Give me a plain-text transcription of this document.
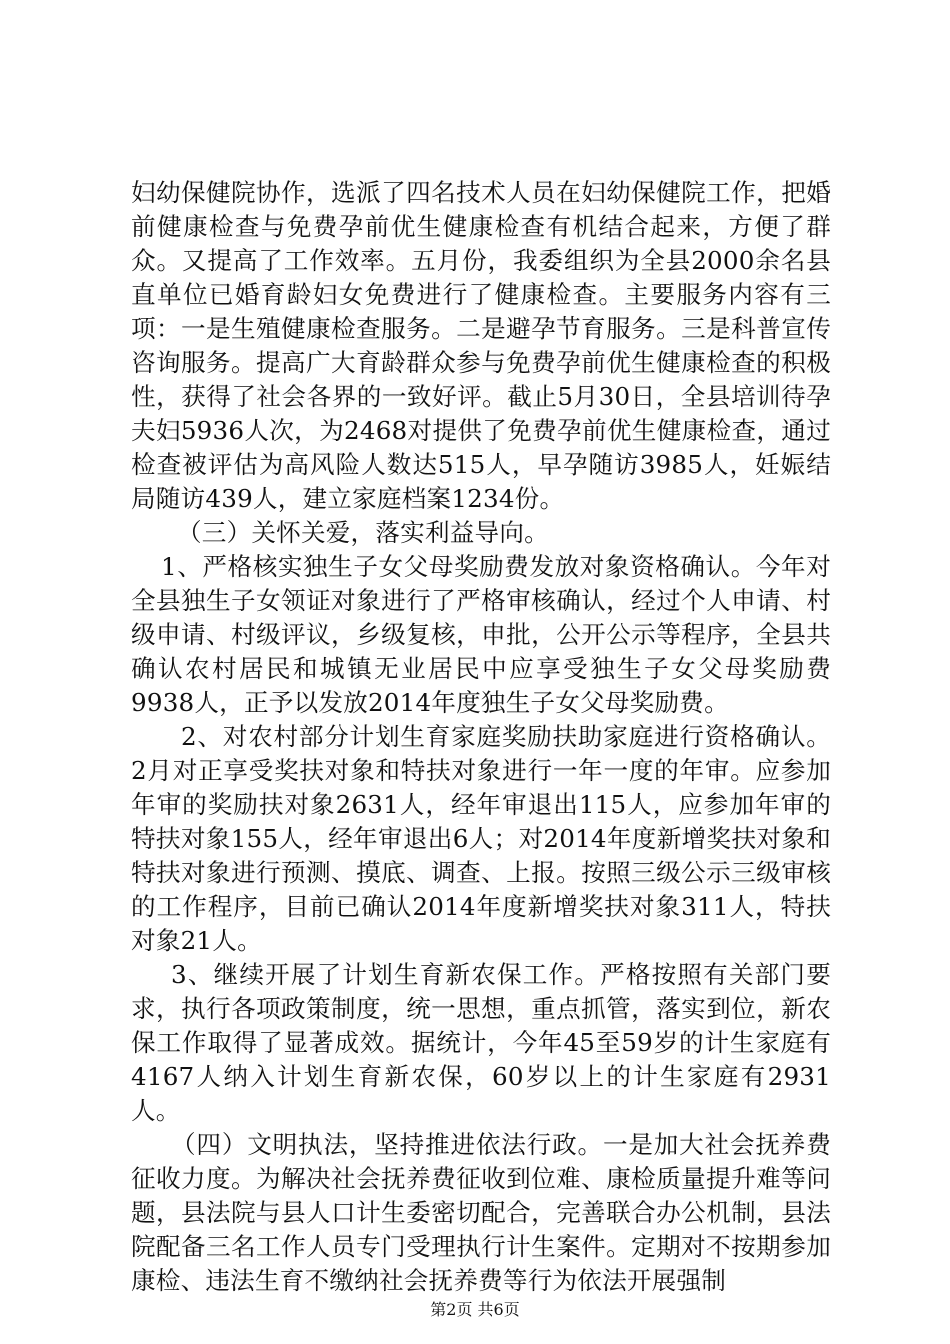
妇幼保健院协作，选派了四名技术人员在妇幼保健院工作，把婚前健康检查与免费孕前优生健康检查有机结合起来，方便了群众。又提高了工作效率。五月份，我委组织为全县2000余名县直单位已婚育龄妇女免费进行了健康检查。主要服务内容有三项：一是生殖健康检查服务。二是避孕节育服务。三是科普宣传咨询服务。提高广大育龄群众参与免费孕前优生健康检查的积极性，获得了社会各界的一致好评。截止5月30日，全县培训待孕夫妇5936人次，为2468对提供了免费孕前优生健康检查，通过检查被评估为高风险人数达515人，早孕随访3985人，妊娠结局随访439人，建立家庭档案1234份。

（三）关怀关爱，落实利益导向。

1、严格核实独生子女父母奖励费发放对象资格确认。今年对全县独生子女领证对象进行了严格审核确认，经过个人申请、村级申请、村级评议，乡级复核，申批，公开公示等程序，全县共确认农村居民和城镇无业居民中应享受独生子女父母奖励费9938人，正予以发放2014年度独生子女父母奖励费。

2、对农村部分计划生育家庭奖励扶助家庭进行资格确认。2月对正享受奖扶对象和特扶对象进行一年一度的年审。应参加年审的奖励扶对象2631人，经年审退出115人，应参加年审的特扶对象155人，经年审退出6人；对2014年度新增奖扶对象和特扶对象进行预测、摸底、调查、上报。按照三级公示三级审核的工作程序，目前已确认2014年度新增奖扶对象311人，特扶对象21人。

3、继续开展了计划生育新农保工作。严格按照有关部门要求，执行各项政策制度，统一思想，重点抓管，落实到位，新农保工作取得了显著成效。据统计，今年45至59岁的计生家庭有4167人纳入计划生育新农保，60岁以上的计生家庭有2931人。

（四）文明执法，坚持推进依法行政。一是加大社会抚养费征收力度。为解决社会抚养费征收到位难、康检质量提升难等问题，县法院与县人口计生委密切配合，完善联合办公机制，县法院配备三名工作人员专门受理执行计生案件。定期对不按期参加康检、违法生育不缴纳社会抚养费等行为依法开展强制

第2页 共6页
